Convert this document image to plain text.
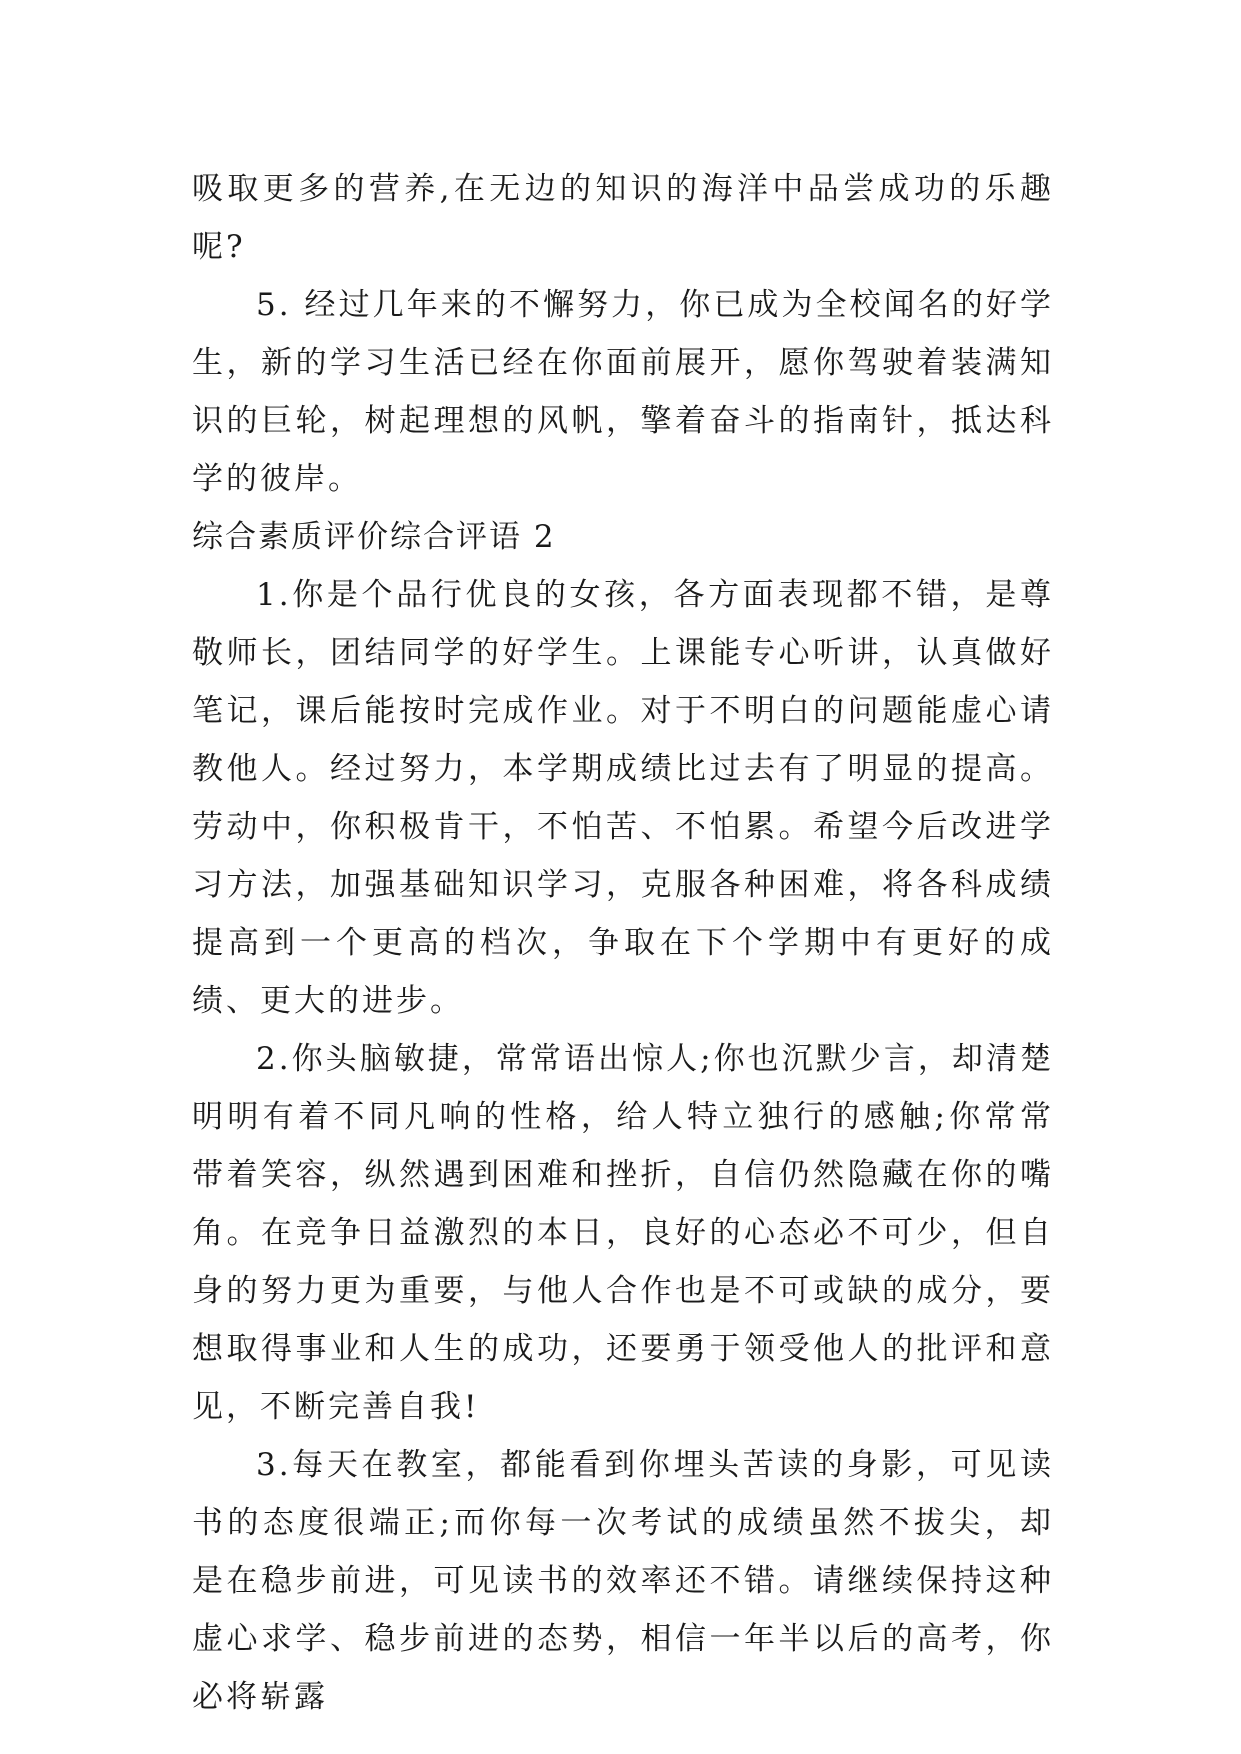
吸取更多的营养,在无边的知识的海洋中品尝成功的乐趣呢?

5. 经过几年来的不懈努力，你已成为全校闻名的好学生，新的学习生活已经在你面前展开，愿你驾驶着装满知识的巨轮，树起理想的风帆，擎着奋斗的指南针，抵达科学的彼岸。

综合素质评价综合评语 2

1.你是个品行优良的女孩，各方面表现都不错，是尊敬师长，团结同学的好学生。上课能专心听讲，认真做好笔记，课后能按时完成作业。对于不明白的问题能虚心请教他人。经过努力，本学期成绩比过去有了明显的提高。劳动中，你积极肯干，不怕苦、不怕累。希望今后改进学习方法，加强基础知识学习，克服各种困难，将各科成绩提高到一个更高的档次，争取在下个学期中有更好的成绩、更大的进步。

2.你头脑敏捷，常常语出惊人;你也沉默少言，却清楚明明有着不同凡响的性格，给人特立独行的感触;你常常带着笑容，纵然遇到困难和挫折，自信仍然隐藏在你的嘴角。在竞争日益激烈的本日，良好的心态必不可少，但自身的努力更为重要，与他人合作也是不可或缺的成分，要想取得事业和人生的成功，还要勇于领受他人的批评和意见，不断完善自我!

3.每天在教室，都能看到你埋头苦读的身影，可见读书的态度很端正;而你每一次考试的成绩虽然不拔尖，却是在稳步前进，可见读书的效率还不错。请继续保持这种虚心求学、稳步前进的态势，相信一年半以后的高考，你必将崭露
